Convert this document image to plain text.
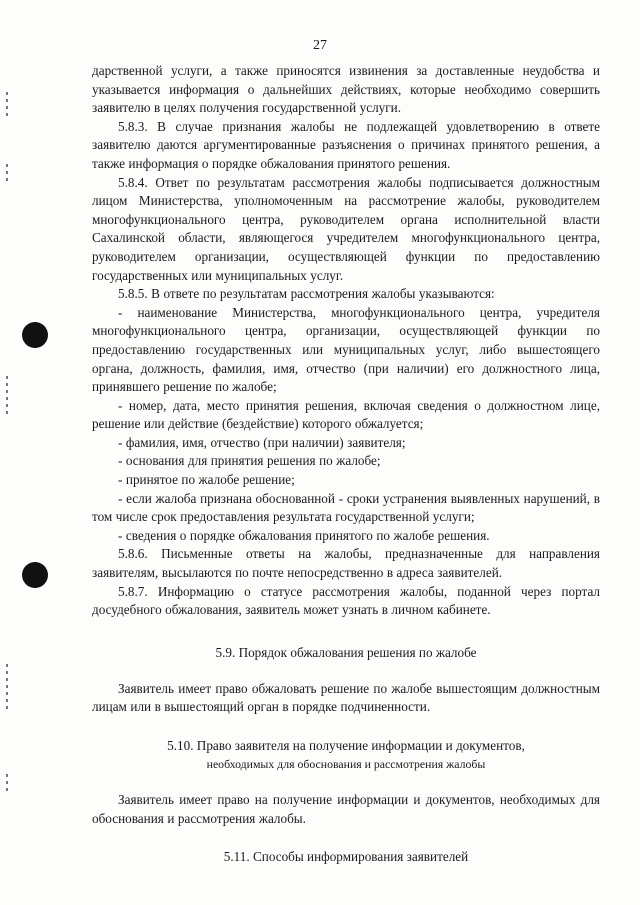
27

дарственной услуги, а также приносятся извинения за доставленные неудобства и указывается информация о дальнейших действиях, которые необходимо совершить заявителю в целях получения государственной услуги.

5.8.3. В случае признания жалобы не подлежащей удовлетворению в ответе заявителю даются аргументированные разъяснения о причинах принятого решения, а также информация о порядке обжалования принятого решения.

5.8.4. Ответ по результатам рассмотрения жалобы подписывается должностным лицом Министерства, уполномоченным на рассмотрение жалобы, руководителем многофункционального центра, руководителем органа исполнительной власти Сахалинской области, являющегося учредителем многофункционального центра, руководителем организации, осуществляющей функции по предоставлению государственных или муниципальных услуг.

5.8.5. В ответе по результатам рассмотрения жалобы указываются:

- наименование Министерства, многофункционального центра, учредителя многофункционального центра, организации, осуществляющей функции по предоставлению государственных или муниципальных услуг, либо вышестоящего органа, должность, фамилия, имя, отчество (при наличии) его должностного лица, принявшего решение по жалобе;

- номер, дата, место принятия решения, включая сведения о должностном лице, решение или действие (бездействие) которого обжалуется;

- фамилия, имя, отчество (при наличии) заявителя;

- основания для принятия решения по жалобе;

- принятое по жалобе решение;

- если жалоба признана обоснованной - сроки устранения выявленных нарушений, в том числе срок предоставления результата государственной услуги;

- сведения о порядке обжалования принятого по жалобе решения.

5.8.6. Письменные ответы на жалобы, предназначенные для направления заявителям, высылаются по почте непосредственно в адреса заявителей.

5.8.7. Информацию о статусе рассмотрения жалобы, поданной через портал досудебного обжалования, заявитель может узнать в личном кабинете.

5.9. Порядок обжалования решения по жалобе

Заявитель имеет право обжаловать решение по жалобе вышестоящим должностным лицам или в вышестоящий орган в порядке подчиненности.

5.10. Право заявителя на получение информации и документов,
необходимых для обоснования и рассмотрения жалобы

Заявитель имеет право на получение информации и документов, необходимых для обоснования и рассмотрения жалобы.

5.11. Способы информирования заявителей
